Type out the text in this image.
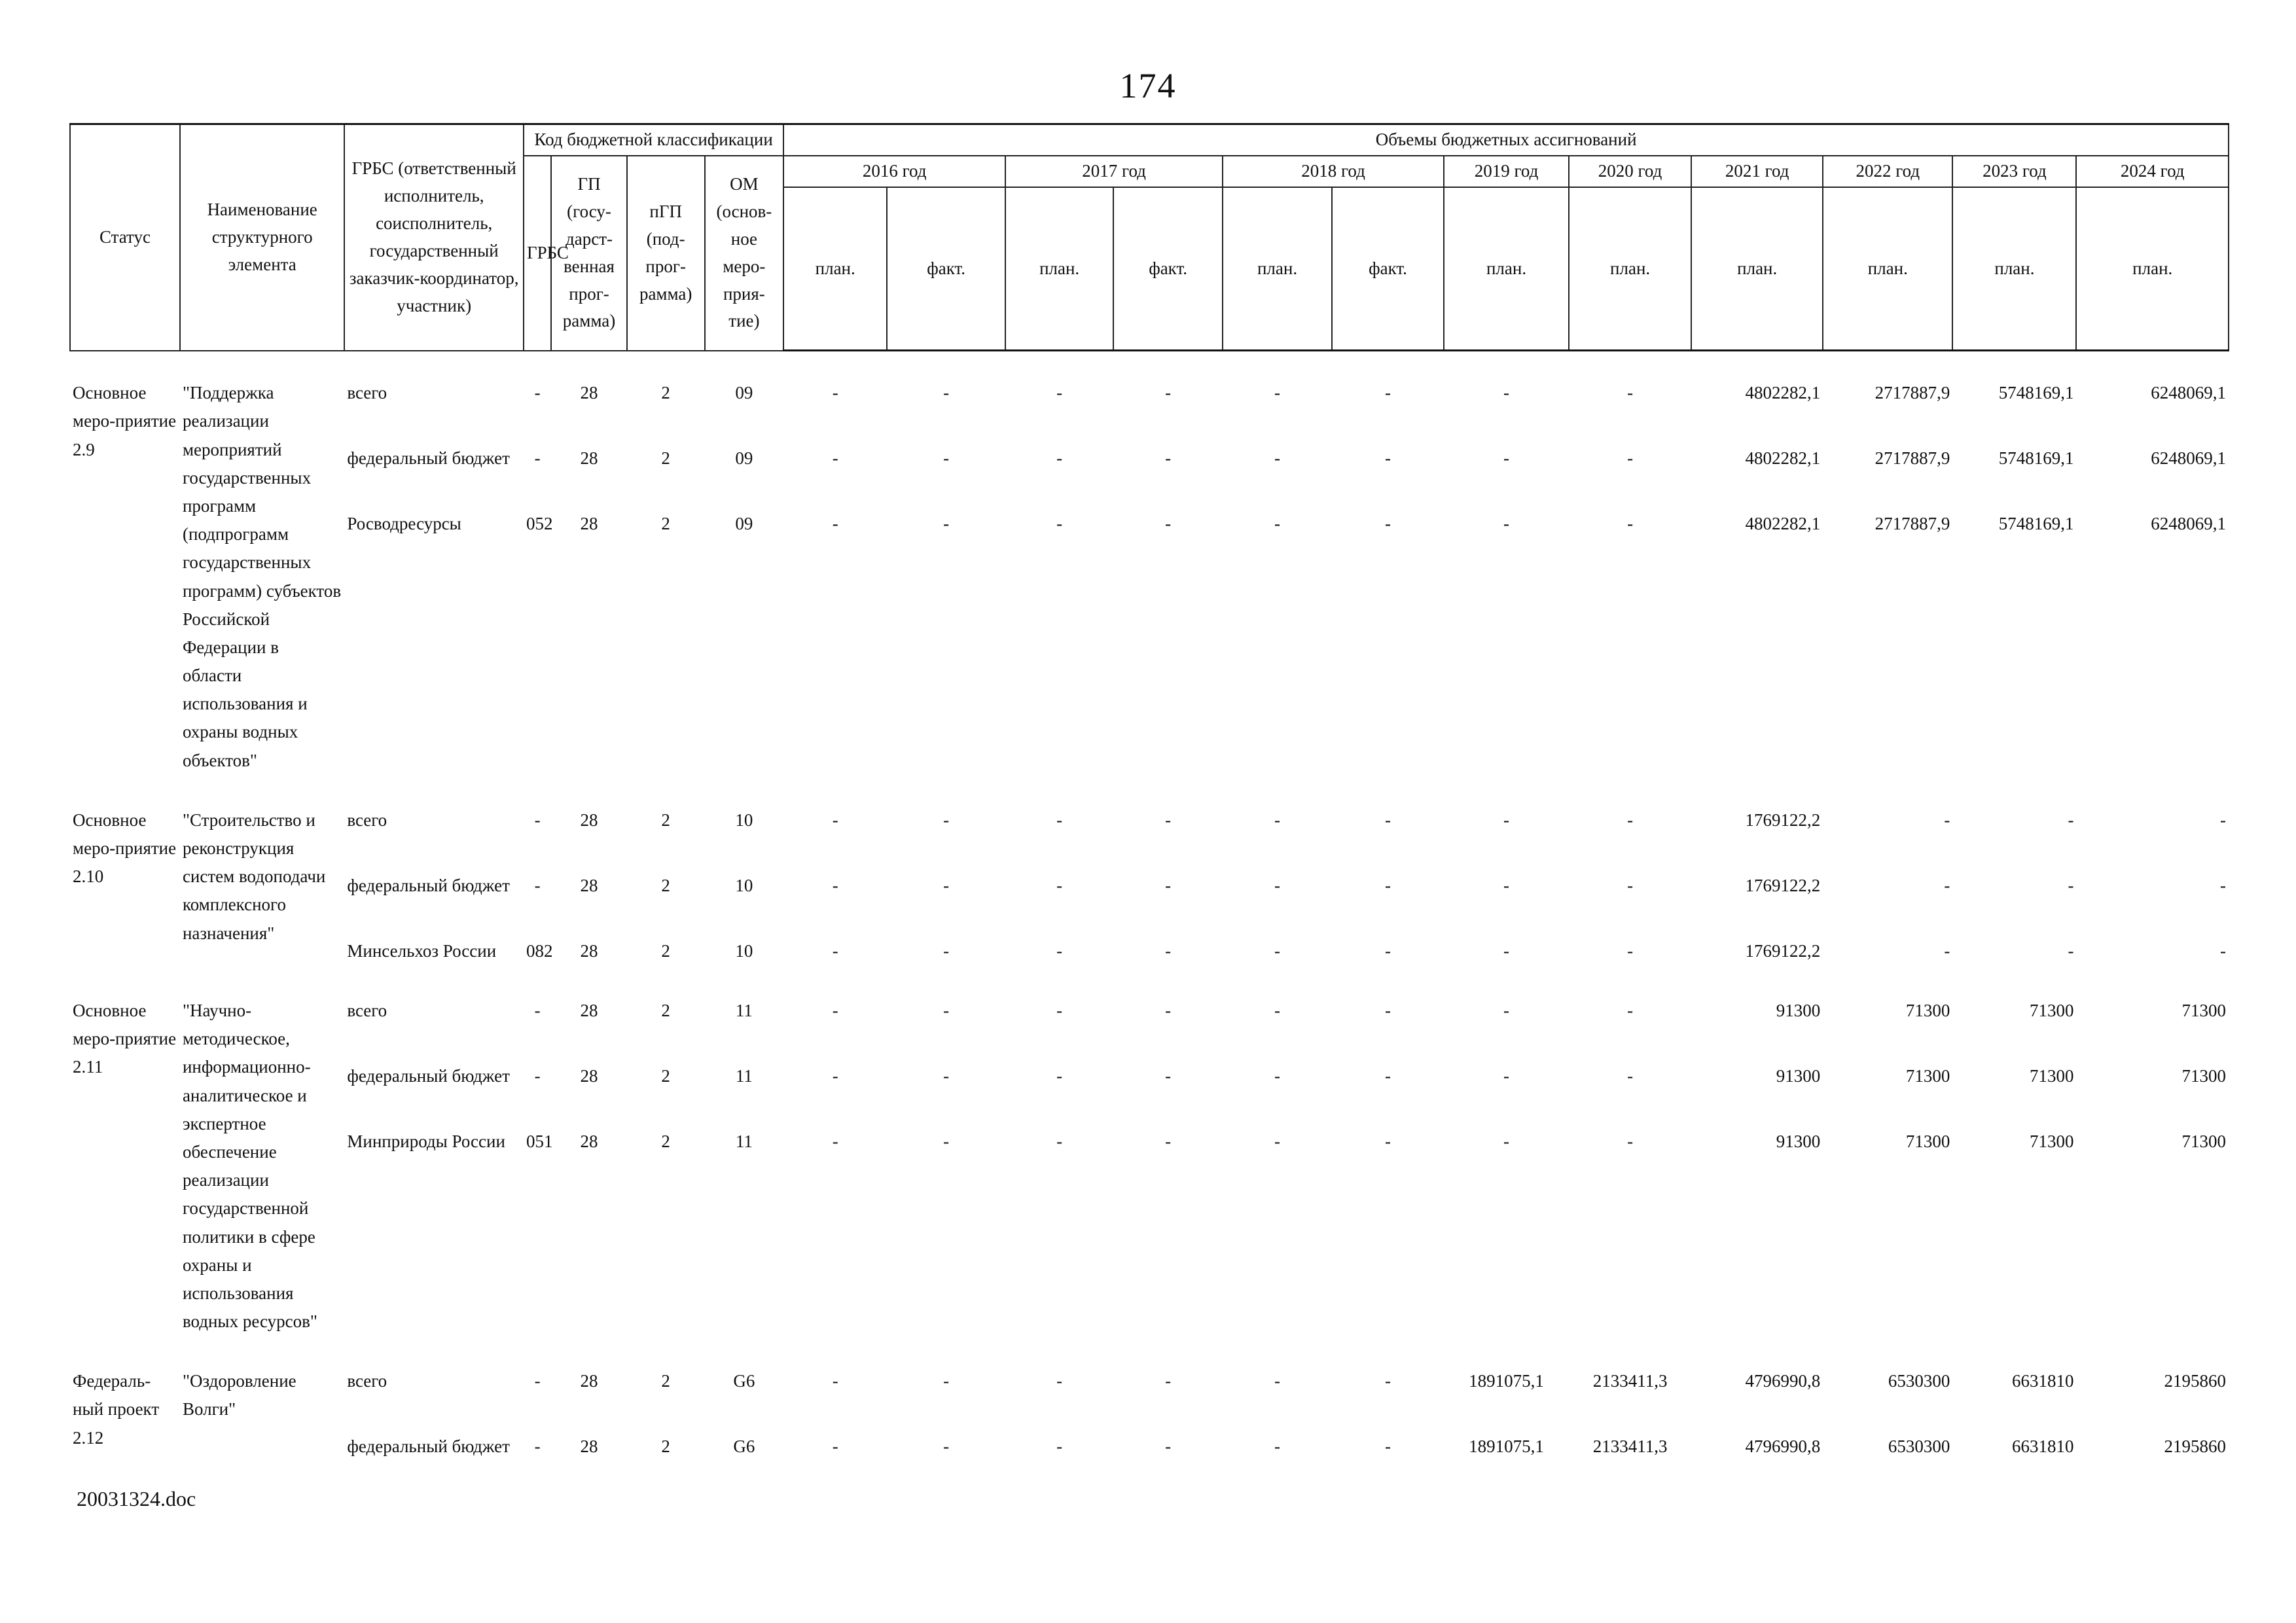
174
Статус	Наименование структурного элемента	ГРБС (ответственный исполнитель, соисполнитель, государственный заказчик-координатор, участник)	Код бюджетной классификации				Объемы бюджетных ассигнований											
			ГРБС	ГП (госу-дарст-венная прог-рамма)	пГП (под-прог-рамма)	ОМ (основ-ное меро-прия-тие)	2016 год		2017 год		2018 год		2019 год	2020 год	2021 год	2022 год	2023 год	2024 год
							план.	факт.	план.	факт.	план.	факт.	план.	план.	план.	план.	план.	план.

Основное меро-приятие 2.9	"Поддержка реализации мероприятий государственных программ (подпрограмм государственных программ) субъектов Российской Федерации в области использования и охраны водных объектов"	всего	-	28	2	09	-	-	-	-	-	-	-	-	4802282,1	2717887,9	5748169,1	6248069,1
		федеральный бюджет	-	28	2	09	-	-	-	-	-	-	-	-	4802282,1	2717887,9	5748169,1	6248069,1
		Росводресурсы	052	28	2	09	-	-	-	-	-	-	-	-	4802282,1	2717887,9	5748169,1	6248069,1

Основное меро-приятие 2.10	"Строительство и реконструкция систем водоподачи комплексного назначения"	всего	-	28	2	10	-	-	-	-	-	-	-	-	1769122,2	-	-	-
		федеральный бюджет	-	28	2	10	-	-	-	-	-	-	-	-	1769122,2	-	-	-
		Минсельхоз России	082	28	2	10	-	-	-	-	-	-	-	-	1769122,2	-	-	-

Основное меро-приятие 2.11	"Научно-методическое, информационно-аналитическое и экспертное обеспечение реализации государственной политики в сфере охраны и использования водных ресурсов"	всего	-	28	2	11	-	-	-	-	-	-	-	-	91300	71300	71300	71300
		федеральный бюджет	-	28	2	11	-	-	-	-	-	-	-	-	91300	71300	71300	71300
		Минприроды России	051	28	2	11	-	-	-	-	-	-	-	-	91300	71300	71300	71300

Федераль-ный проект 2.12	"Оздоровление Волги"	всего	-	28	2	G6	-	-	-	-	-	-	1891075,1	2133411,3	4796990,8	6530300	6631810	2195860
		федеральный бюджет	-	28	2	G6	-	-	-	-	-	-	1891075,1	2133411,3	4796990,8	6530300	6631810	2195860
20031324.doc
